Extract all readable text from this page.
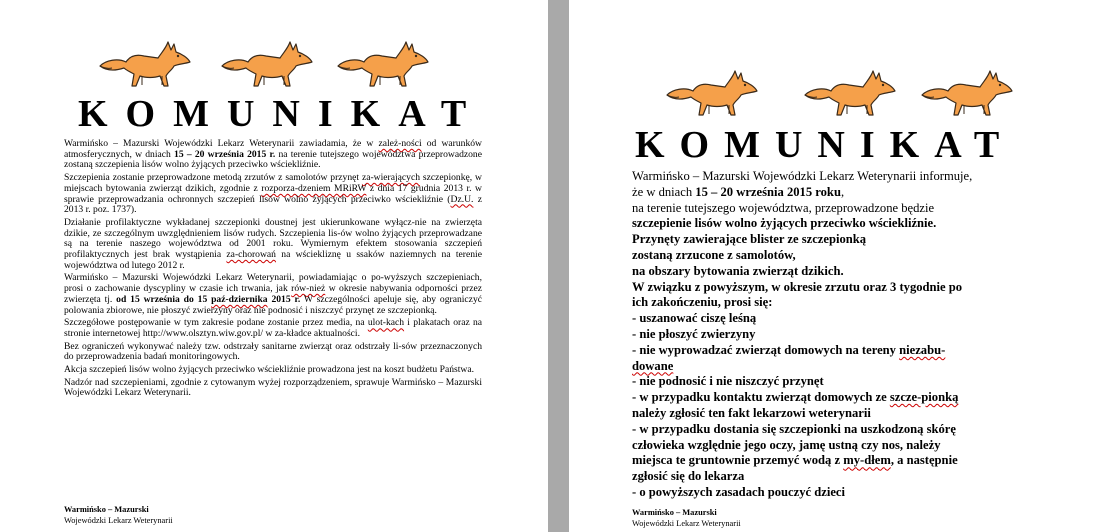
KOMUNIKAT
KOMUNIKAT

Warmińsko – Mazurski Wojewódzki Lekarz Weterynarii zawiadamia, że w zależ-ności od warunków atmosferycznych, w dniach 15 – 20 września 2015 r. na terenie tutejszego województwa przeprowadzone zostaną szczepienia lisów wolno żyjących przeciwko wściekliźnie.

Szczepienia zostanie przeprowadzone metodą zrzutów z samolotów przynęt za-wierających szczepionkę, w miejscach bytowania zwierząt dzikich, zgodnie z rozporza-dzeniem MRiRW z dnia 17 grudnia 2013 r. w sprawie przeprowadzania ochronnych szczepień lisów wolno żyjących przeciwko wściekliźnie (Dz.U. z 2013 r. poz. 1737).

Działanie profilaktyczne wykładanej szczepionki doustnej jest ukierunkowane wyłącz-nie na zwierzęta dzikie, ze szczególnym uwzględnieniem lisów rudych. Szczepienia lis-ów wolno żyjących przeprowadzane są na terenie naszego województwa od 2001 roku. Wymiernym efektem stosowania szczepień profilaktycznych jest brak wystąpienia za-chorowań na wściekliznę u ssaków naziemnych na terenie województwa od lutego 2012 r.

Warmińsko – Mazurski Wojewódzki Lekarz Weterynarii, powiadamiając o po-wyższych szczepieniach, prosi o zachowanie dyscypliny w czasie ich trwania, jak rów-nież w okresie nabywania odporności przez zwierzęta tj. od 15 września do 15 paź-dziernika 2015 r. W szczególności apeluje się, aby ograniczyć polowania zbiorowe, nie płoszyć zwierzyny oraz nie podnosić i niszczyć przynęt ze szczepionką.

Szczegółowe postępowanie w tym zakresie podane zostanie przez media, na ulot-kach i plakatach oraz na stronie internetowej http://www.olsztyn.wiw.gov.pl/ w za-kładce aktualności.

Bez ograniczeń wykonywać należy tzw. odstrzały sanitarne zwierząt oraz odstrzały li-sów przeznaczonych do przeprowadzenia badań monitoringowych.

Akcja szczepień lisów wolno żyjących przeciwko wściekliźnie prowadzona jest na koszt budżetu Państwa.

Nadzór nad szczepieniami, zgodnie z cytowanym wyżej rozporządzeniem, sprawuje Warmińsko – Mazurski Wojewódzki Lekarz Weterynarii.

Warmińsko – Mazurski Wojewódzki Lekarz Weterynarii informuje,
że w dniach 15 – 20 września 2015 roku,
na terenie tutejszego województwa, przeprowadzone będzie
szczepienie lisów wolno żyjących przeciwko wściekliźnie.
Przynęty zawierające blister ze szczepionką
zostaną zrzucone z samolotów,
na obszary bytowania zwierząt dzikich.
W związku z powyższym, w okresie zrzutu oraz 3 tygodnie po
ich zakończeniu, prosi się:
- uszanować ciszę leśną
- nie płoszyć zwierzyny
- nie wyprowadzać zwierząt domowych na tereny niezabu-
dowane
- nie podnosić i nie niszczyć przynęt
- w przypadku kontaktu zwierząt domowych ze szcze-pionką
należy zgłosić ten fakt lekarzowi weterynarii
- w przypadku dostania się szczepionki na uszkodzoną skórę
człowieka względnie jego oczy, jamę ustną czy nos, należy
miejsca te gruntownie przemyć wodą z my-dłem, a następnie
zgłosić się do lekarza
- o powyższych zasadach pouczyć dzieci
Warmińsko – Mazurski
Wojewódzki Lekarz Weterynarii
Warmińsko – Mazurski
Wojewódzki Lekarz Weterynarii
